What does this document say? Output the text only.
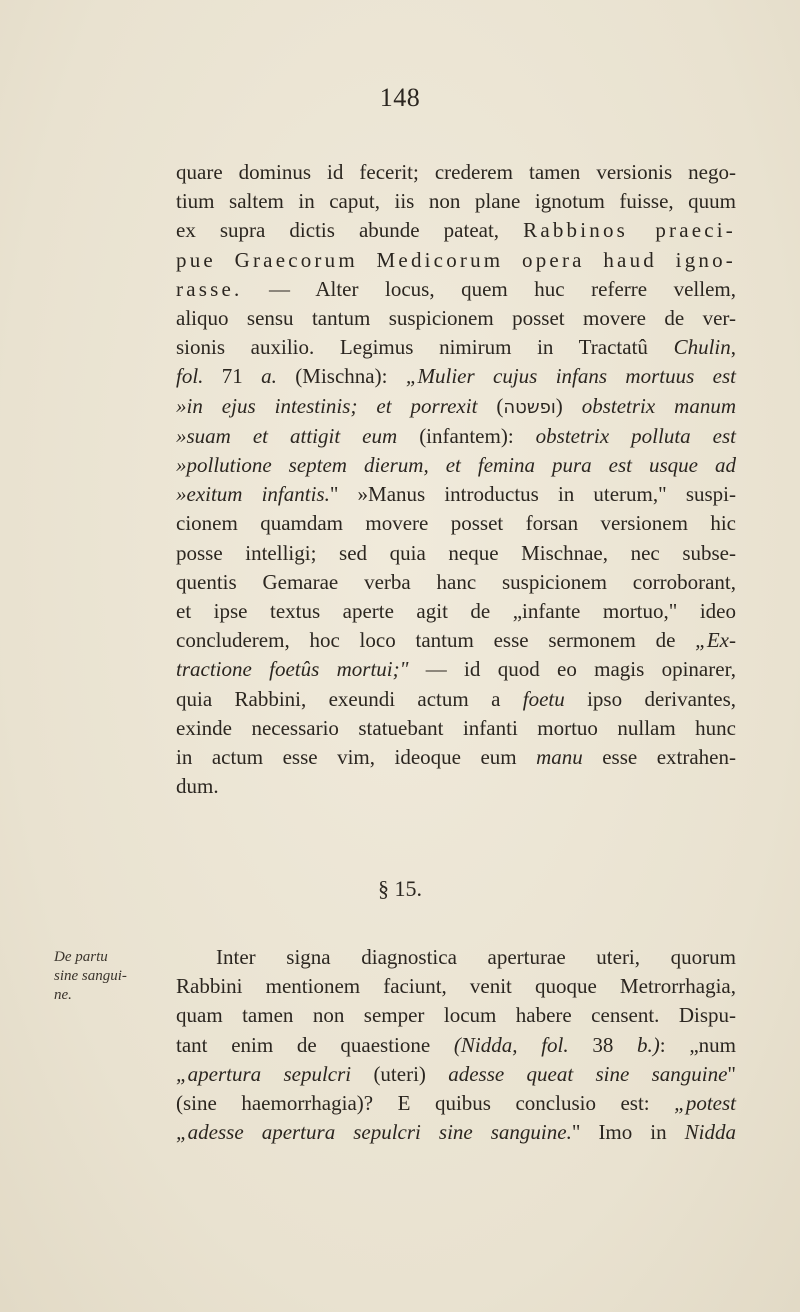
148
quare dominus id fecerit; crederem tamen versionis nego-
tium saltem in caput, iis non plane ignotum fuisse, quum
ex supra dictis abunde pateat, Rabbinos praeci-
pue Graecorum Medicorum opera haud igno-
rasse. — Alter locus, quem huc referre vellem,
aliquo sensu tantum suspicionem posset movere de ver-
sionis auxilio. Legimus nimirum in Tractatû Chulin,
fol. 71 a. (Mischna): „Mulier cujus infans mortuus est
»in ejus intestinis; et porrexit (ופשטה) obstetrix manum
»suam et attigit eum (infantem): obstetrix polluta est
»pollutione septem dierum, et femina pura est usque ad
»exitum infantis." »Manus introductus in uterum," suspi-
cionem quamdam movere posset forsan versionem hic
posse intelligi; sed quia neque Mischnae, nec subse-
quentis Gemarae verba hanc suspicionem corroborant,
et ipse textus aperte agit de „infante mortuo," ideo
concluderem, hoc loco tantum esse sermonem de „Ex-
tractione foetûs mortui;" — id quod eo magis opinarer,
quia Rabbini, exeundi actum a foetu ipso derivantes,
exinde necessario statuebant infanti mortuo nullam hunc
in actum esse vim, ideoque eum manu esse extrahen-
dum.
§ 15.
De partu
sine sangui-
ne.
Inter signa diagnostica aperturae uteri, quorum
Rabbini mentionem faciunt, venit quoque Metrorrhagia,
quam tamen non semper locum habere censent. Dispu-
tant enim de quaestione (Nidda, fol. 38 b.): „num
„apertura sepulcri (uteri) adesse queat sine sanguine"
(sine haemorrhagia)? E quibus conclusio est: „potest
„adesse apertura sepulcri sine sanguine." Imo in Nidda
